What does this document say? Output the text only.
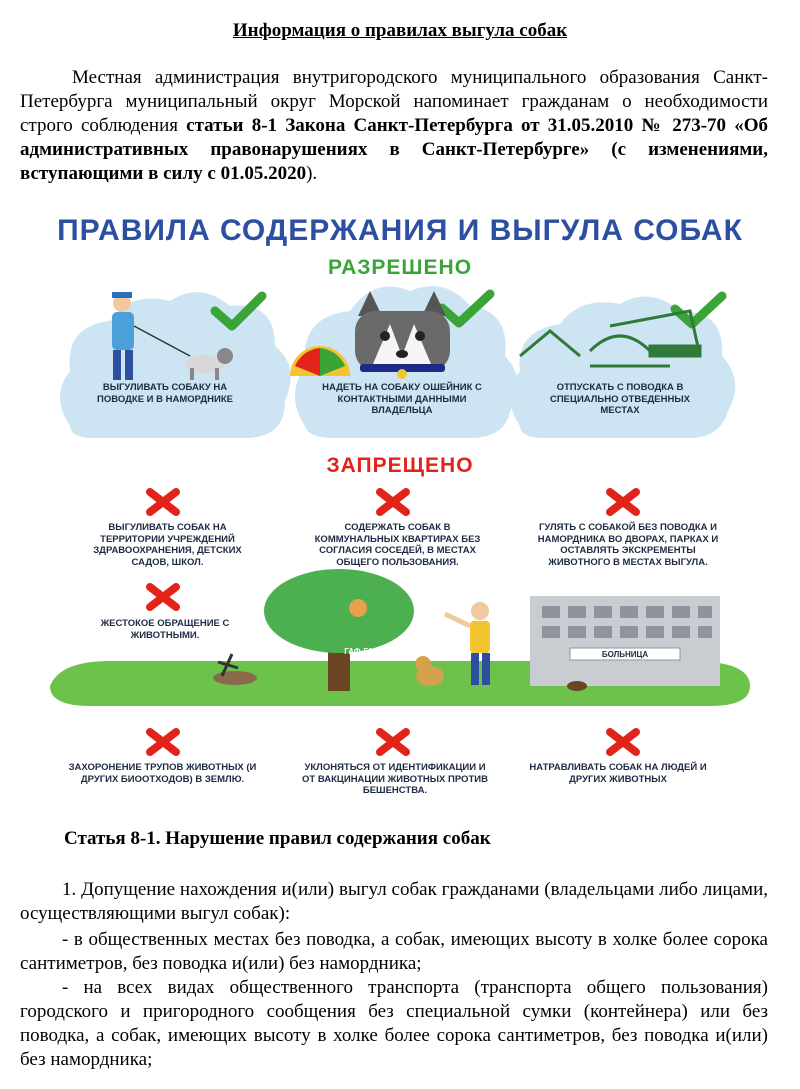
Информация о правилах выгула собак

Местная администрация внутригородского муниципального образования Санкт-Петербурга муниципальный округ Морской напоминает гражданам о необходимости строго соблюдения статьи 8-1 Закона Санкт-Петербурга от 31.05.2010 № 273-70 «Об административных правонарушениях в Санкт-Петербурге» (с изменениями, вступающими в силу с 01.05.2020).

ПРАВИЛА СОДЕРЖАНИЯ И ВЫГУЛА СОБАК
РАЗРЕШЕНО
ЗАПРЕЩЕНО
ВЫГУЛИВАТЬ СОБАКУ НА ПОВОДКЕ И В НАМОРДНИКЕ
НАДЕТЬ НА СОБАКУ ОШЕЙНИК С КОНТАКТНЫМИ ДАННЫМИ ВЛАДЕЛЬЦА
ОТПУСКАТЬ С ПОВОДКА В СПЕЦИАЛЬНО ОТВЕДЕННЫХ МЕСТАХ
ВЫГУЛИВАТЬ СОБАК НА ТЕРРИТОРИИ УЧРЕЖДЕНИЙ ЗДРАВООХРАНЕНИЯ, ДЕТСКИХ САДОВ, ШКОЛ.
СОДЕРЖАТЬ СОБАК В КОММУНАЛЬНЫХ КВАРТИРАХ БЕЗ СОГЛАСИЯ СОСЕДЕЙ, В МЕСТАХ ОБЩЕГО ПОЛЬЗОВАНИЯ.
ГУЛЯТЬ С СОБАКОЙ БЕЗ ПОВОДКА И НАМОРДНИКА ВО ДВОРАХ, ПАРКАХ И ОСТАВЛЯТЬ ЭКСКРЕМЕНТЫ ЖИВОТНОГО В МЕСТАХ ВЫГУЛА.
ЖЕСТОКОЕ ОБРАЩЕНИЕ С ЖИВОТНЫМИ.
ЗАХОРОНЕНИЕ ТРУПОВ ЖИВОТНЫХ (И ДРУГИХ БИООТХОДОВ) В ЗЕМЛЮ.
УКЛОНЯТЬСЯ ОТ ИДЕНТИФИКАЦИИ И ОТ ВАКЦИНАЦИИ ЖИВОТНЫХ ПРОТИВ БЕШЕНСТВА.
НАТРАВЛИВАТЬ СОБАК НА ЛЮДЕЙ И ДРУГИХ ЖИВОТНЫХ
ГАФ-ГАФ	БОЛЬНИЦА
Статья 8-1. Нарушение правил содержания собак

1. Допущение нахождения и(или) выгул собак гражданами (владельцами либо лицами, осуществляющими выгул собак):

- в общественных местах без поводка, а собак, имеющих высоту в холке более сорока сантиметров, без поводка и(или) без намордника;

- на всех видах общественного транспорта (транспорта общего пользования) городского и пригородного сообщения без специальной сумки (контейнера) или без поводка, а собак, имеющих высоту в холке более сорока сантиметров, без поводка и(или) без намордника;
